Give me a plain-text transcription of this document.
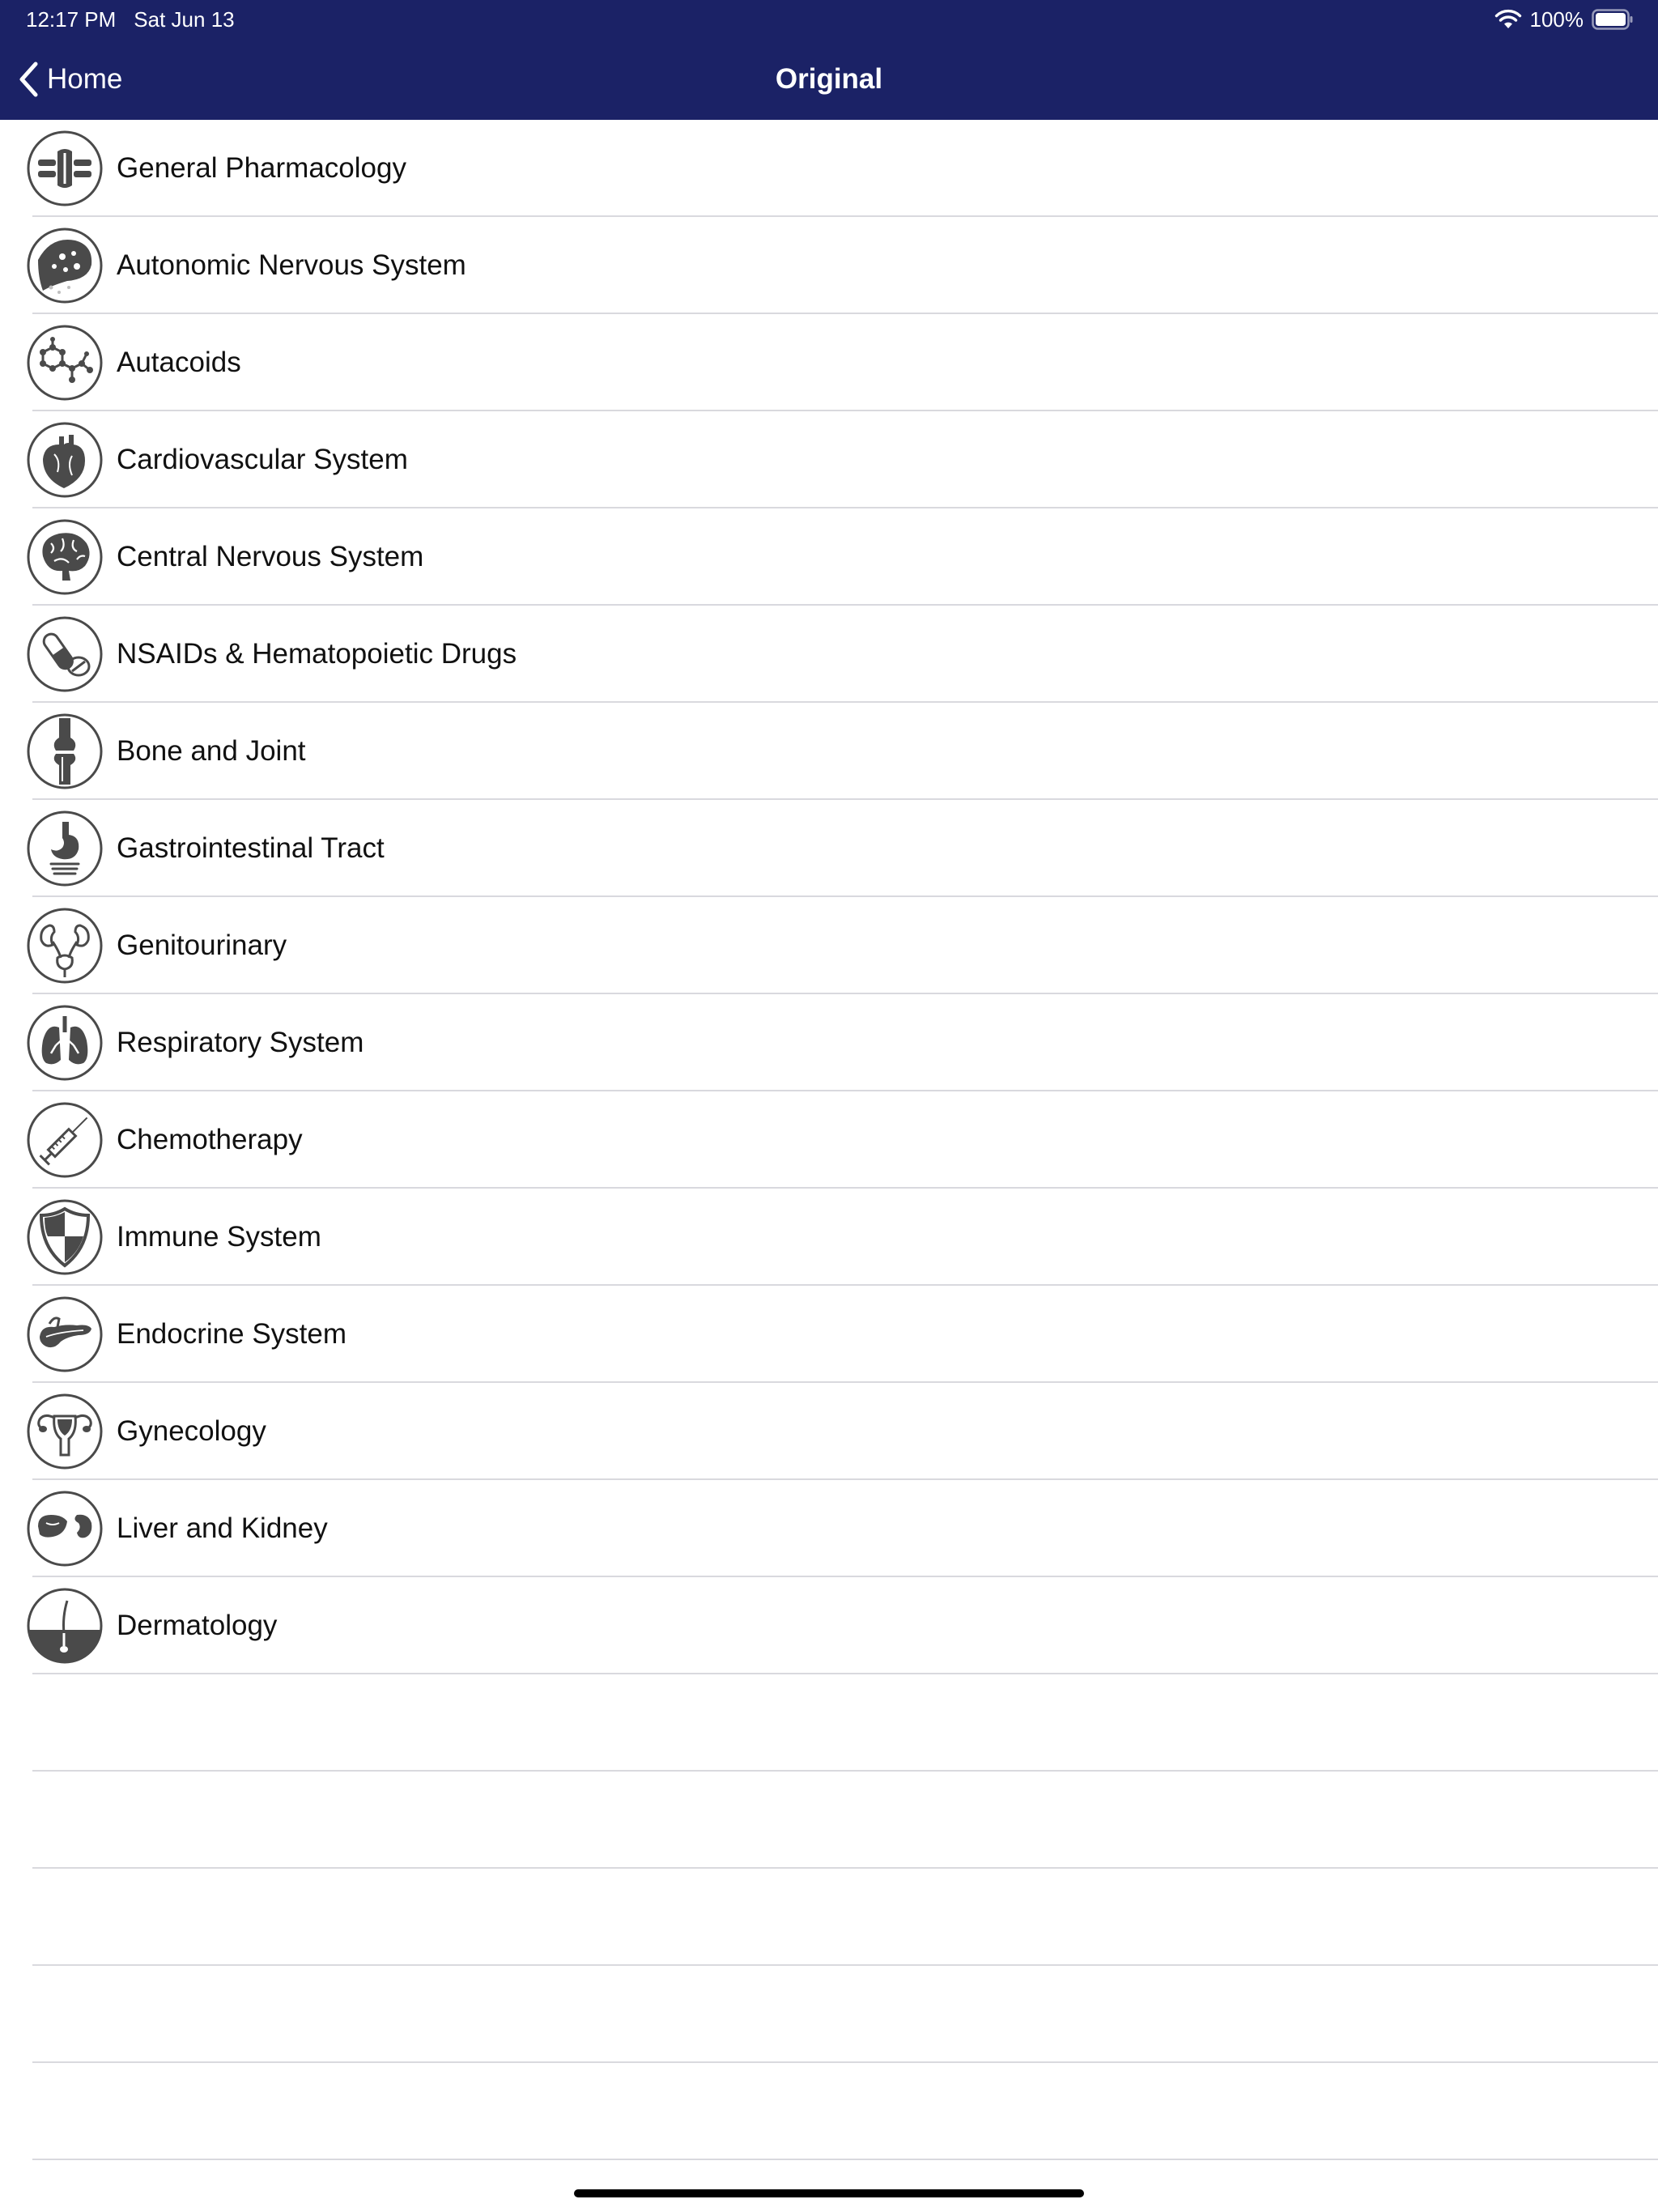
12:17 PM Sat Jun 13	100%
Home	Original
General Pharmacology
Autonomic Nervous System
Autacoids
Cardiovascular System
Central Nervous System
NSAIDs & Hematopoietic Drugs
Bone and Joint
Gastrointestinal Tract
Genitourinary
Respiratory System
Chemotherapy
Immune System
Endocrine System
Gynecology
Liver and Kidney
Dermatology
